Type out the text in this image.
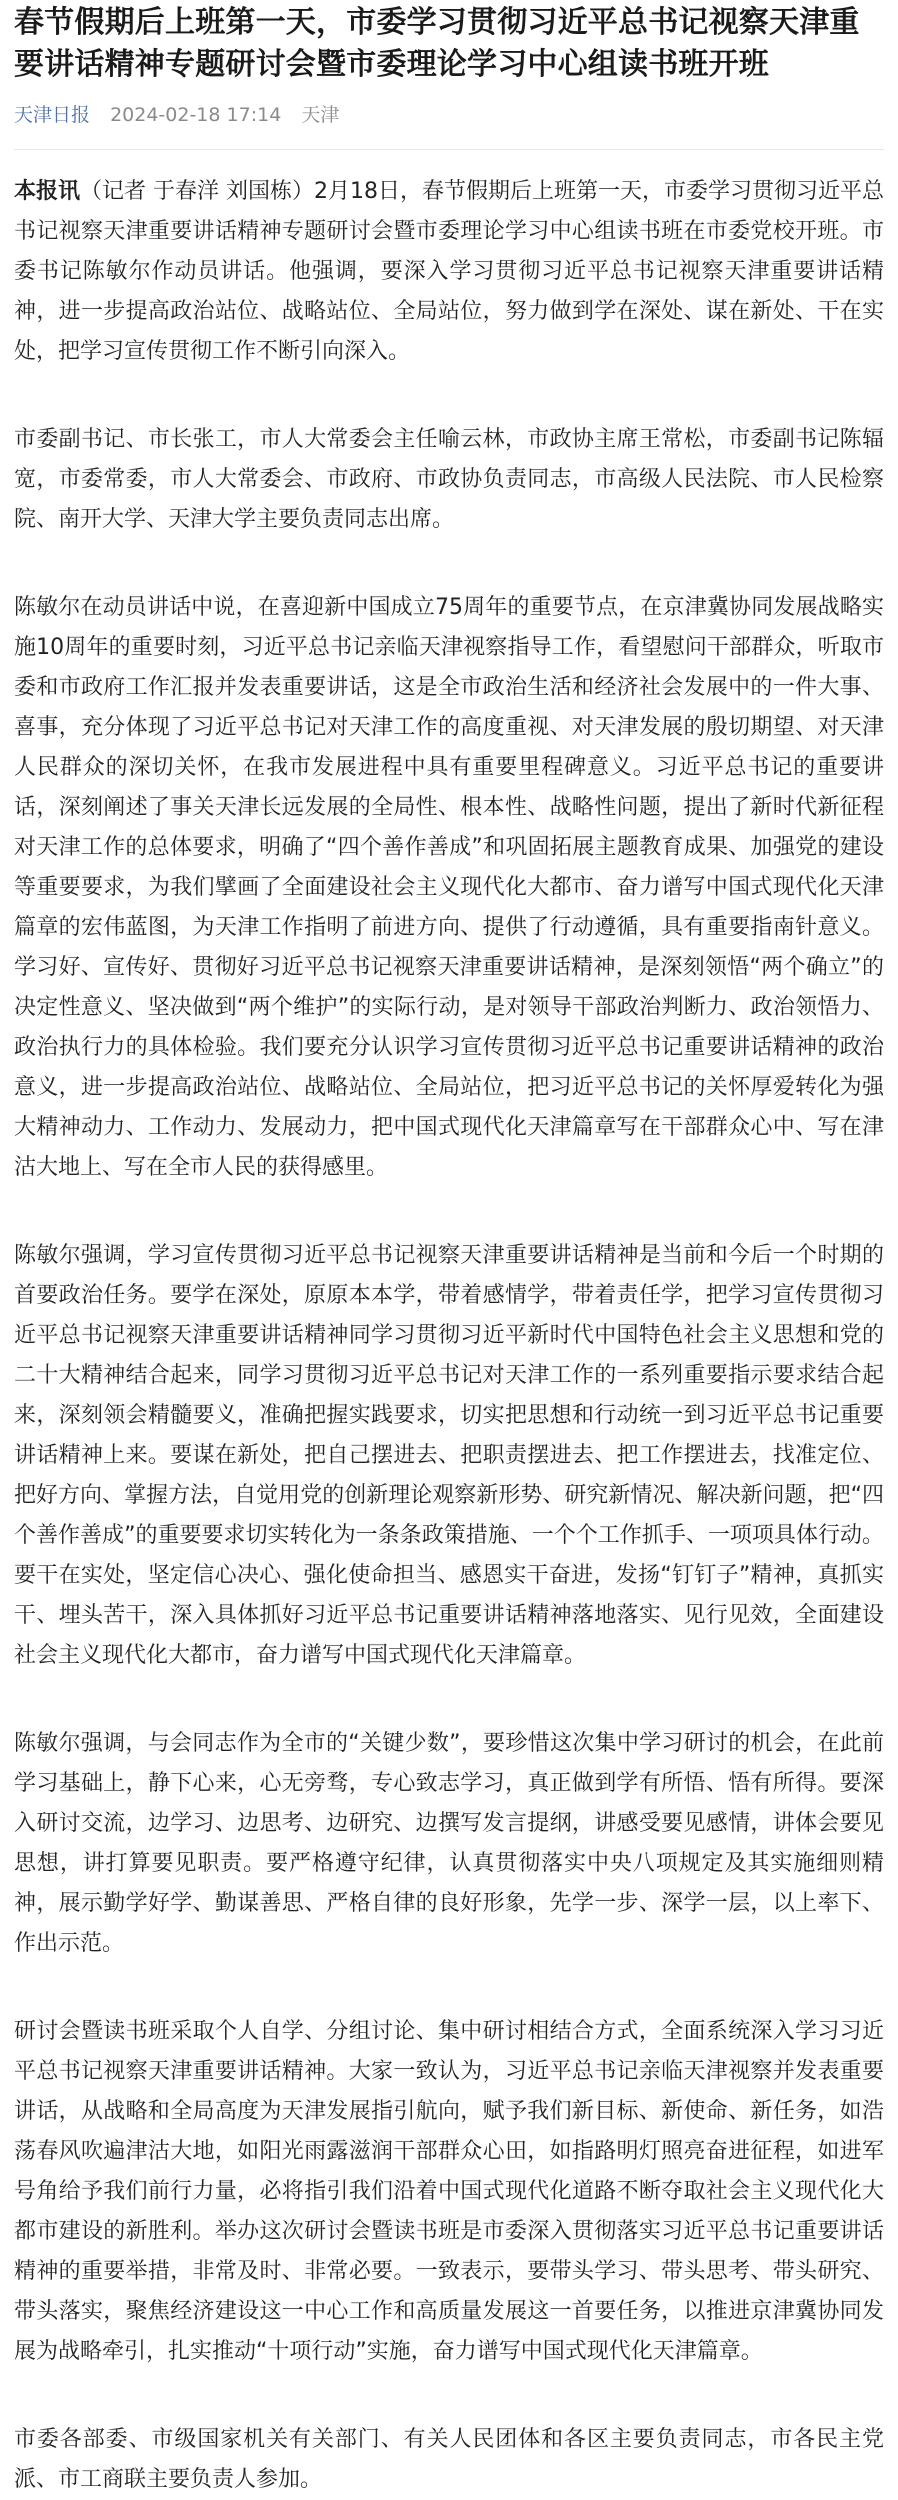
春节假期后上班第一天，市委学习贯彻习近平总书记视察天津重要讲话精神专题研讨会暨市委理论学习中心组读书班开班
天津日报 2024-02-18 17:14 天津

本报讯（记者 于春洋 刘国栋）2月18日，春节假期后上班第一天，市委学习贯彻习近平总书记视察天津重要讲话精神专题研讨会暨市委理论学习中心组读书班在市委党校开班。市委书记陈敏尔作动员讲话。他强调，要深入学习贯彻习近平总书记视察天津重要讲话精神，进一步提高政治站位、战略站位、全局站位，努力做到学在深处、谋在新处、干在实处，把学习宣传贯彻工作不断引向深入。

市委副书记、市长张工，市人大常委会主任喻云林，市政协主席王常松，市委副书记陈辐宽，市委常委，市人大常委会、市政府、市政协负责同志，市高级人民法院、市人民检察院、南开大学、天津大学主要负责同志出席。

陈敏尔在动员讲话中说，在喜迎新中国成立75周年的重要节点，在京津冀协同发展战略实施10周年的重要时刻，习近平总书记亲临天津视察指导工作，看望慰问干部群众，听取市委和市政府工作汇报并发表重要讲话，这是全市政治生活和经济社会发展中的一件大事、喜事，充分体现了习近平总书记对天津工作的高度重视、对天津发展的殷切期望、对天津人民群众的深切关怀，在我市发展进程中具有重要里程碑意义。习近平总书记的重要讲话，深刻阐述了事关天津长远发展的全局性、根本性、战略性问题，提出了新时代新征程对天津工作的总体要求，明确了“四个善作善成”和巩固拓展主题教育成果、加强党的建设等重要要求，为我们擘画了全面建设社会主义现代化大都市、奋力谱写中国式现代化天津篇章的宏伟蓝图，为天津工作指明了前进方向、提供了行动遵循，具有重要指南针意义。学习好、宣传好、贯彻好习近平总书记视察天津重要讲话精神，是深刻领悟“两个确立”的决定性意义、坚决做到“两个维护”的实际行动，是对领导干部政治判断力、政治领悟力、政治执行力的具体检验。我们要充分认识学习宣传贯彻习近平总书记重要讲话精神的政治意义，进一步提高政治站位、战略站位、全局站位，把习近平总书记的关怀厚爱转化为强大精神动力、工作动力、发展动力，把中国式现代化天津篇章写在干部群众心中、写在津沽大地上、写在全市人民的获得感里。

陈敏尔强调，学习宣传贯彻习近平总书记视察天津重要讲话精神是当前和今后一个时期的首要政治任务。要学在深处，原原本本学，带着感情学，带着责任学，把学习宣传贯彻习近平总书记视察天津重要讲话精神同学习贯彻习近平新时代中国特色社会主义思想和党的二十大精神结合起来，同学习贯彻习近平总书记对天津工作的一系列重要指示要求结合起来，深刻领会精髓要义，准确把握实践要求，切实把思想和行动统一到习近平总书记重要讲话精神上来。要谋在新处，把自己摆进去、把职责摆进去、把工作摆进去，找准定位、把好方向、掌握方法，自觉用党的创新理论观察新形势、研究新情况、解决新问题，把“四个善作善成”的重要要求切实转化为一条条政策措施、一个个工作抓手、一项项具体行动。要干在实处，坚定信心决心、强化使命担当、感恩实干奋进，发扬“钉钉子”精神，真抓实干、埋头苦干，深入具体抓好习近平总书记重要讲话精神落地落实、见行见效，全面建设社会主义现代化大都市，奋力谱写中国式现代化天津篇章。

陈敏尔强调，与会同志作为全市的“关键少数”，要珍惜这次集中学习研讨的机会，在此前学习基础上，静下心来，心无旁骛，专心致志学习，真正做到学有所悟、悟有所得。要深入研讨交流，边学习、边思考、边研究、边撰写发言提纲，讲感受要见感情，讲体会要见思想，讲打算要见职责。要严格遵守纪律，认真贯彻落实中央八项规定及其实施细则精神，展示勤学好学、勤谋善思、严格自律的良好形象，先学一步、深学一层，以上率下、作出示范。

研讨会暨读书班采取个人自学、分组讨论、集中研讨相结合方式，全面系统深入学习习近平总书记视察天津重要讲话精神。大家一致认为，习近平总书记亲临天津视察并发表重要讲话，从战略和全局高度为天津发展指引航向，赋予我们新目标、新使命、新任务，如浩荡春风吹遍津沽大地，如阳光雨露滋润干部群众心田，如指路明灯照亮奋进征程，如进军号角给予我们前行力量，必将指引我们沿着中国式现代化道路不断夺取社会主义现代化大都市建设的新胜利。举办这次研讨会暨读书班是市委深入贯彻落实习近平总书记重要讲话精神的重要举措，非常及时、非常必要。一致表示，要带头学习、带头思考、带头研究、带头落实，聚焦经济建设这一中心工作和高质量发展这一首要任务，以推进京津冀协同发展为战略牵引，扎实推动“十项行动”实施，奋力谱写中国式现代化天津篇章。

市委各部委、市级国家机关有关部门、有关人民团体和各区主要负责同志，市各民主党派、市工商联主要负责人参加。
